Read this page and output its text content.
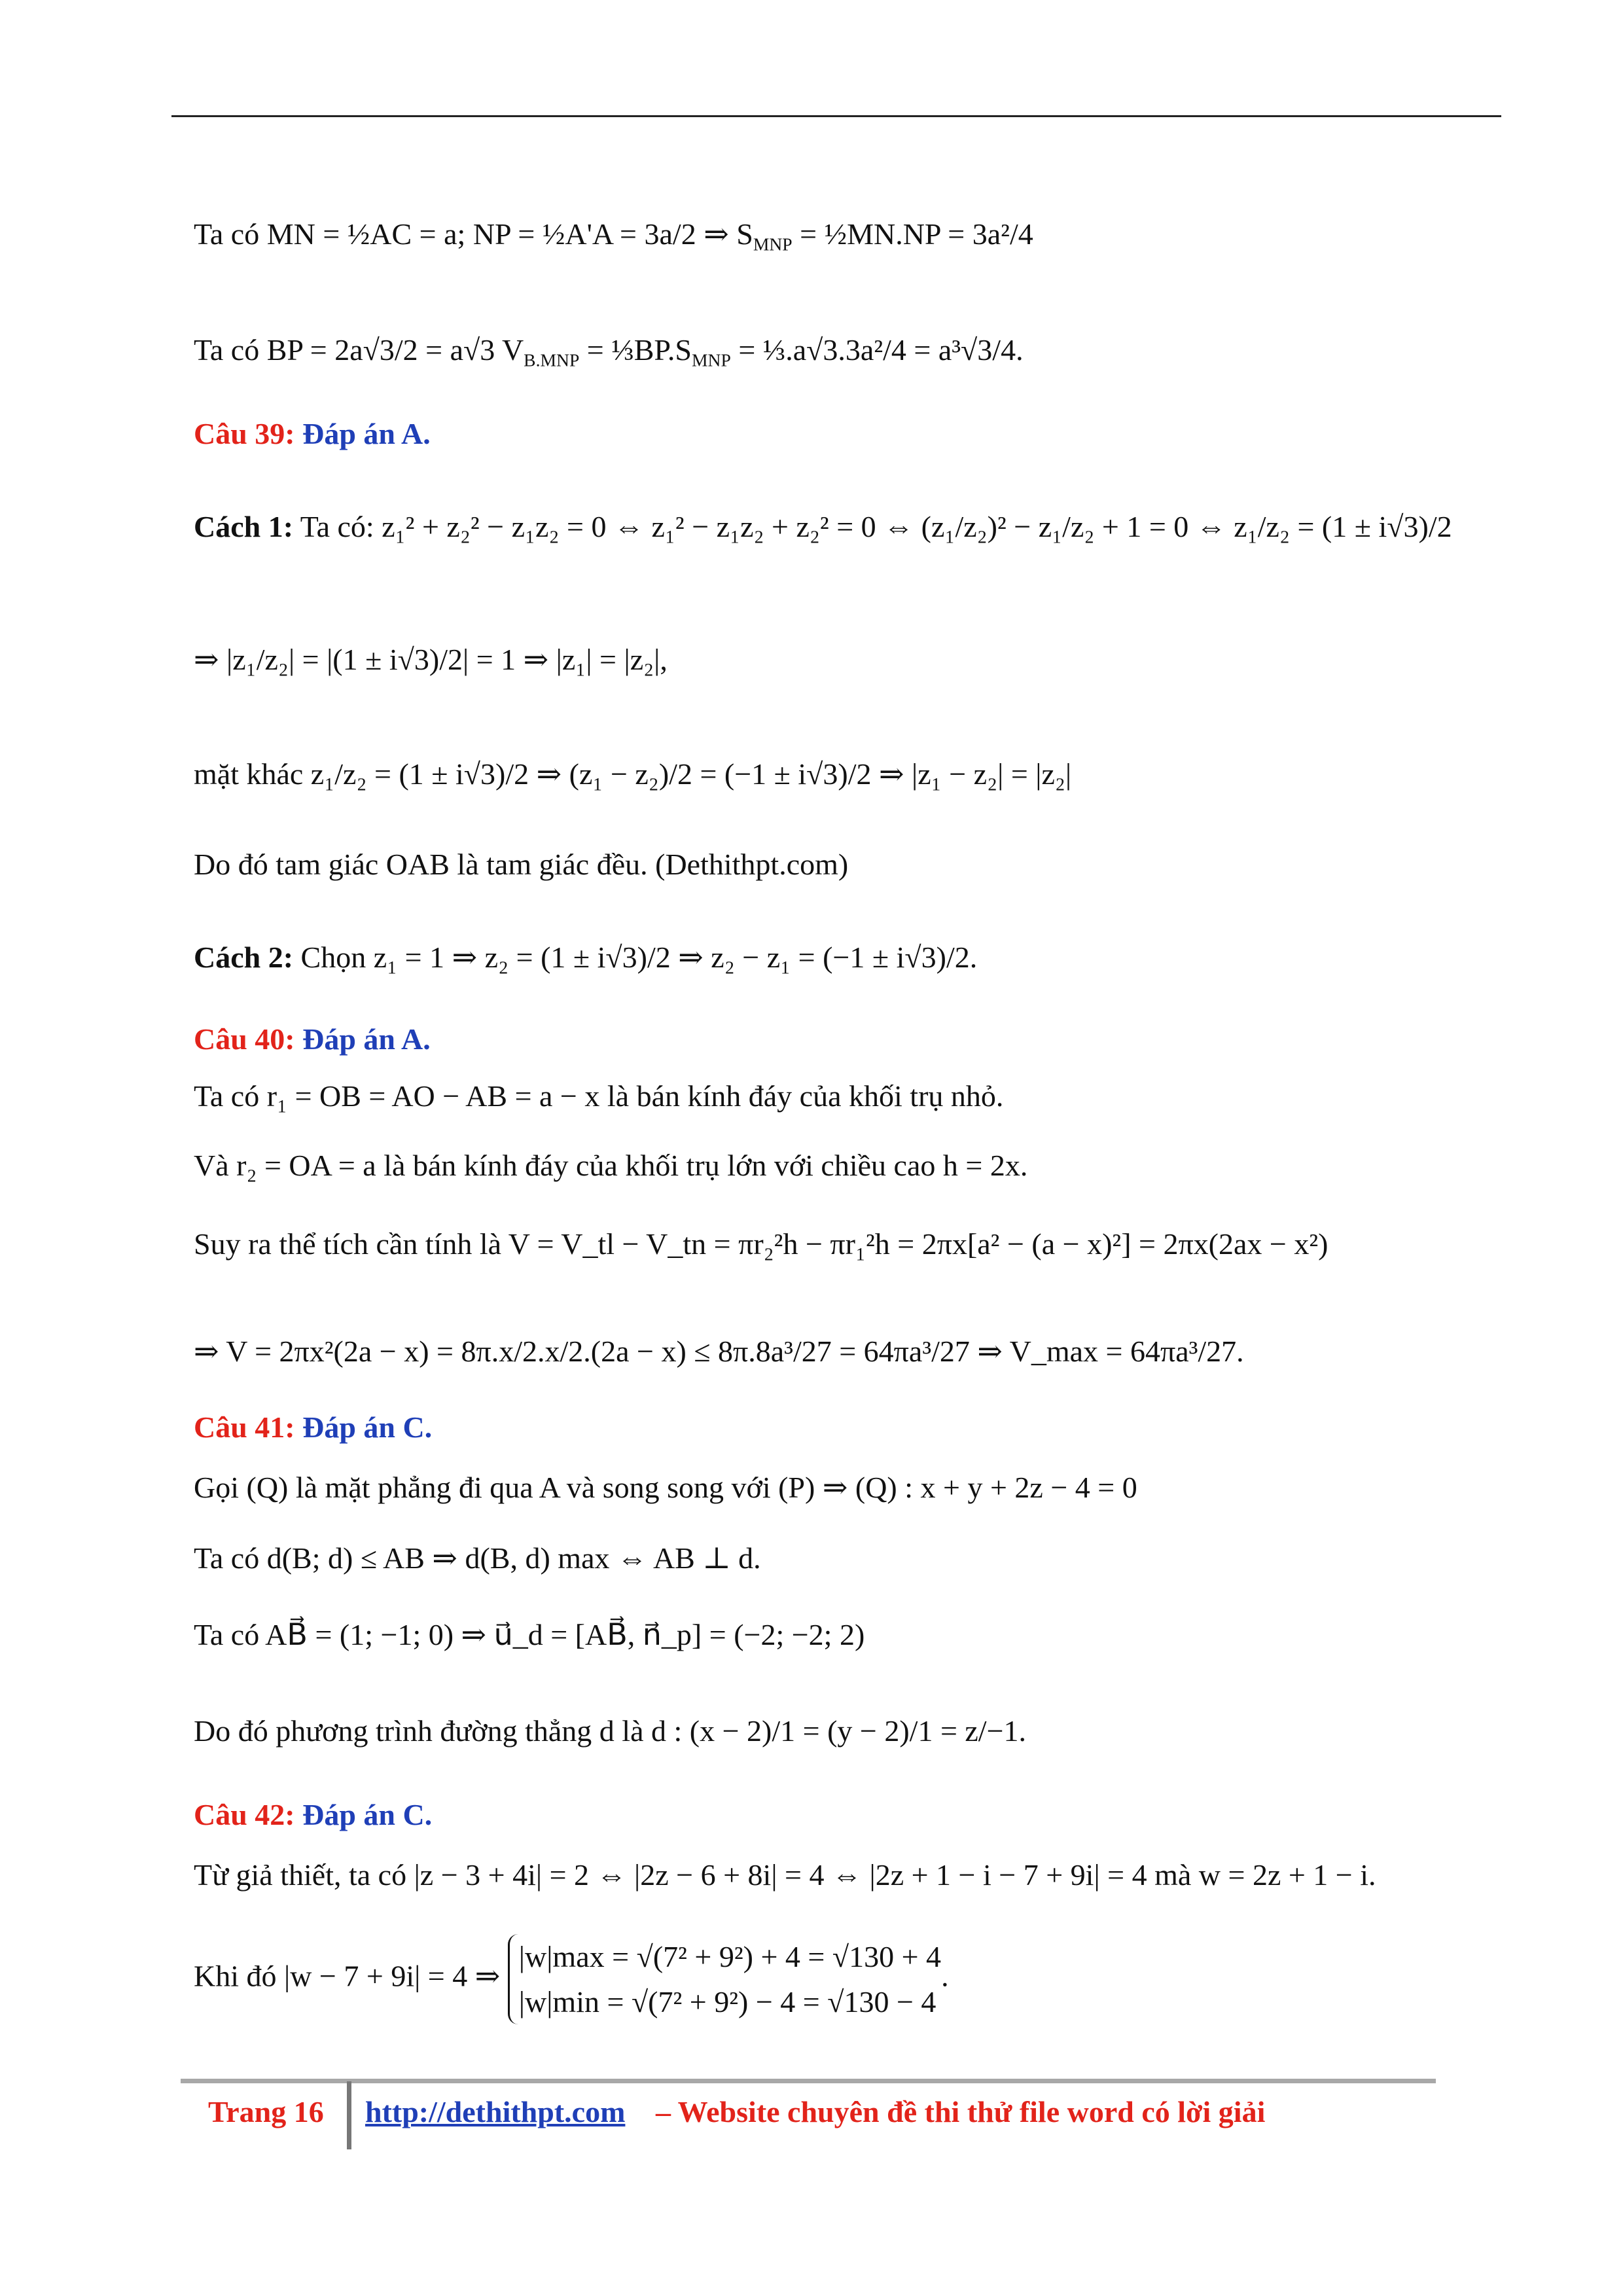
Ta có MN = ½AC = a; NP = ½A'A = 3a/2 ⇒ $S_{MNP}$ = ½MN.NP = 3a²/4
Ta có BP = 2a√3/2 = a√3 $V_{B.MNP}$ = $\frac{1}{3}BP.S_{MNP}$ = ⅓.a√3.3a²/4 = a³√3/4.
Câu 39: Đáp án A.
Cách 1: Ta có: z₁² + z₂² − z₁z₂ = 0 ⇔ z₁² − z₁z₂ + z₂² = 0 ⇔ (z₁/z₂)² − z₁/z₂ + 1 = 0 ⇔ z₁/z₂ = (1 ± i√3)/2
⇒ |z₁/z₂| = |(1 ± i√3)/2| = 1 ⇒ |z₁| = |z₂|,
mặt khác z₁/z₂ = (1 ± i√3)/2 ⇒ (z₁ − z₂)/2 = (−1 ± i√3)/2 ⇒ |z₁ − z₂| = |z₂|
Do đó tam giác OAB là tam giác đều. (Dethithpt.com)
Cách 2: Chọn z₁ = 1 ⇒ z₂ = (1 ± i√3)/2 ⇒ z₂ − z₁ = (−1 ± i√3)/2.
Câu 40: Đáp án A.
Ta có r₁ = OB = AO − AB = a − x là bán kính đáy của khối trụ nhỏ.
Và r₂ = OA = a là bán kính đáy của khối trụ lớn với chiều cao h = 2x.
Suy ra thể tích cần tính là V = V_tl − V_tn = πr₂²h − πr₁²h = 2πx[a² − (a − x)²] = 2πx(2ax − x²)
⇒ V = 2πx²(2a − x) = 8π.x/2.x/2.(2a − x) ≤ 8π.8a³/27 = 64πa³/27 ⇒ V_max = 64πa³/27.
Câu 41: Đáp án C.
Gọi (Q) là mặt phẳng đi qua A và song song với (P) ⇒ (Q) : x + y + 2z − 4 = 0
Ta có d(B; d) ≤ AB ⇒ d(B, d) max ⇔ AB ⊥ d.
Ta có AB⃗ = (1; −1; 0) ⇒ u⃗_d = [AB⃗, n⃗_p] = (−2; −2; 2)
Do đó phương trình đường thẳng d là d : (x − 2)/1 = (y − 2)/1 = z/−1.
Câu 42: Đáp án C.
Từ giả thiết, ta có |z − 3 + 4i| = 2 ⇔ |2z − 6 + 8i| = 4 ⇔ |2z + 1 − i − 7 + 9i| = 4 mà w = 2z + 1 − i.
Khi đó |w − 7 + 9i| = 4 ⇒
|w|max = √(7² + 9²) + 4 = √130 + 4
|w|min = √(7² + 9²) − 4 = √130 − 4
.
Trang 16 http://dethithpt.com – Website chuyên đề thi thử file word có lời giải
